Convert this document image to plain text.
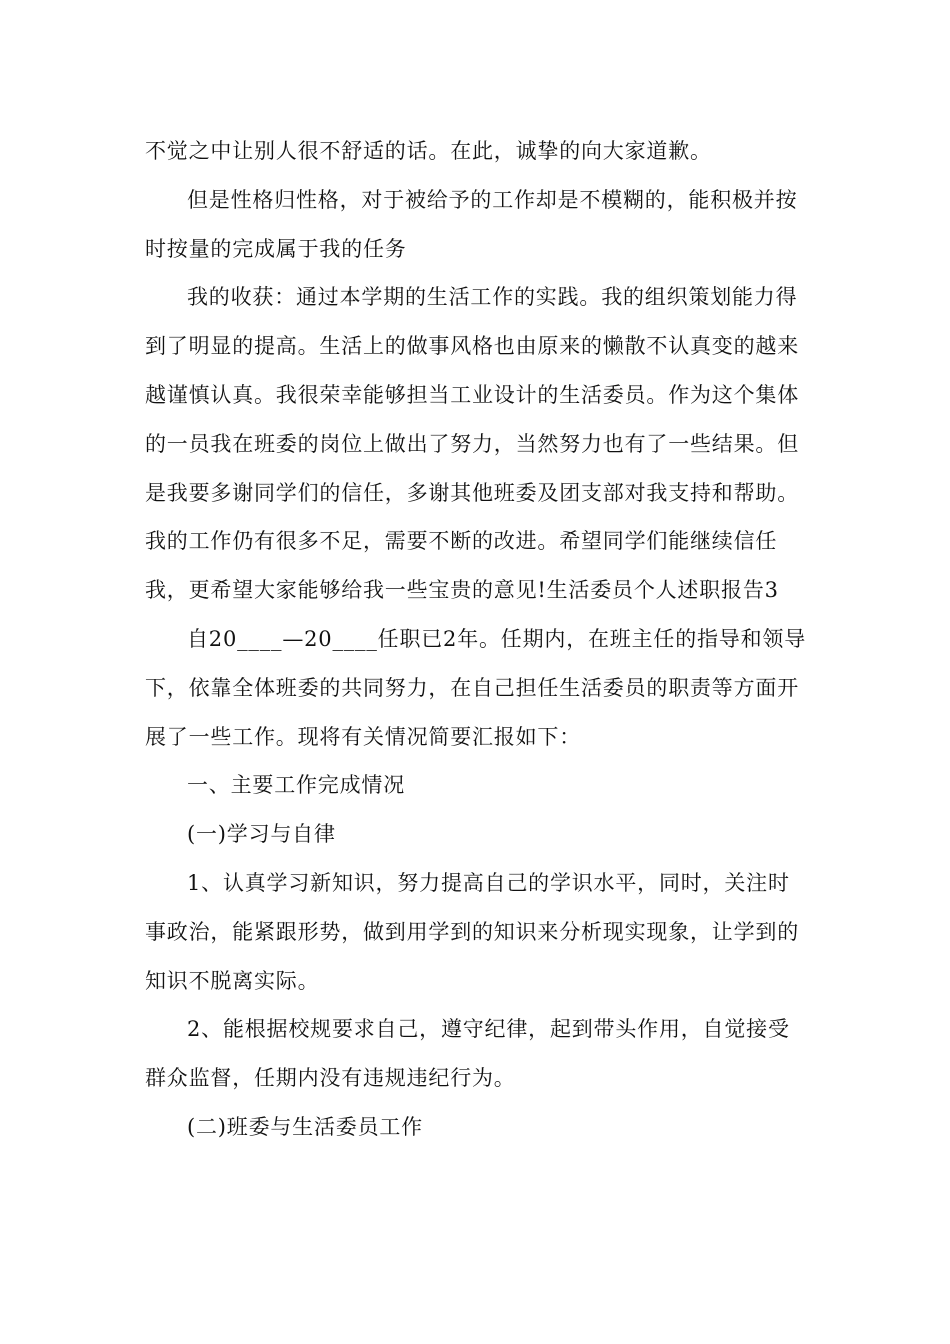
不觉之中让别人很不舒适的话。在此，诚挚的向大家道歉。

但是性格归性格，对于被给予的工作却是不模糊的，能积极并按时按量的完成属于我的任务

我的收获：通过本学期的生活工作的实践。我的组织策划能力得到了明显的提高。生活上的做事风格也由原来的懒散不认真变的越来越谨慎认真。我很荣幸能够担当工业设计的生活委员。作为这个集体的一员我在班委的岗位上做出了努力，当然努力也有了一些结果。但是我要多谢同学们的信任，多谢其他班委及团支部对我支持和帮助。我的工作仍有很多不足，需要不断的改进。希望同学们能继续信任我，更希望大家能够给我一些宝贵的意见!生活委员个人述职报告3

自20____—20____任职已2年。任期内，在班主任的指导和领导下，依靠全体班委的共同努力，在自己担任生活委员的职责等方面开展了一些工作。现将有关情况简要汇报如下：

一、主要工作完成情况

(一)学习与自律

1、认真学习新知识，努力提高自己的学识水平，同时，关注时事政治，能紧跟形势，做到用学到的知识来分析现实现象，让学到的知识不脱离实际。

2、能根据校规要求自己，遵守纪律，起到带头作用，自觉接受群众监督，任期内没有违规违纪行为。

(二)班委与生活委员工作
